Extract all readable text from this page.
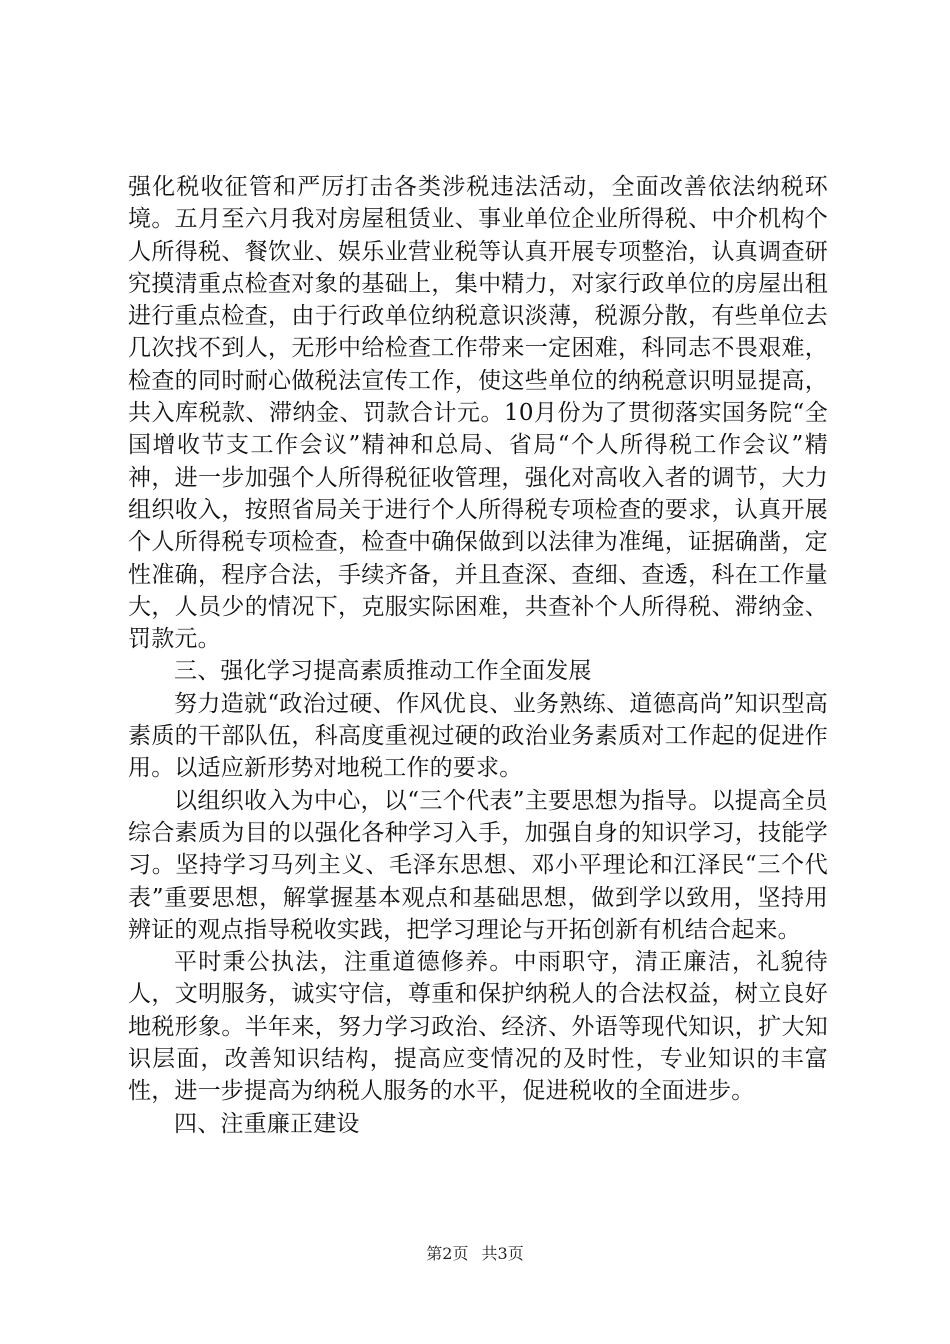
强化税收征管和严厉打击各类涉税违法活动，全面改善依法纳税环境。五月至六月我对房屋租赁业、事业单位企业所得税、中介机构个人所得税、餐饮业、娱乐业营业税等认真开展专项整治，认真调查研究摸清重点检查对象的基础上，集中精力，对家行政单位的房屋出租进行重点检查，由于行政单位纳税意识淡薄，税源分散，有些单位去几次找不到人，无形中给检查工作带来一定困难，科同志不畏艰难，检查的同时耐心做税法宣传工作，使这些单位的纳税意识明显提高，共入库税款、滞纳金、罚款合计元。10月份为了贯彻落实国务院“全国增收节支工作会议”精神和总局、省局“个人所得税工作会议”精神，进一步加强个人所得税征收管理，强化对高收入者的调节，大力组织收入，按照省局关于进行个人所得税专项检查的要求，认真开展个人所得税专项检查，检查中确保做到以法律为准绳，证据确凿，定性准确，程序合法，手续齐备，并且查深、查细、查透，科在工作量大，人员少的情况下，克服实际困难，共查补个人所得税、滞纳金、罚款元。

三、强化学习提高素质推动工作全面发展

努力造就“政治过硬、作风优良、业务熟练、道德高尚”知识型高素质的干部队伍，科高度重视过硬的政治业务素质对工作起的促进作用。以适应新形势对地税工作的要求。

以组织收入为中心，以“三个代表”主要思想为指导。以提高全员综合素质为目的以强化各种学习入手，加强自身的知识学习，技能学习。坚持学习马列主义、毛泽东思想、邓小平理论和江泽民“三个代表”重要思想，解掌握基本观点和基础思想，做到学以致用，坚持用辨证的观点指导税收实践，把学习理论与开拓创新有机结合起来。

平时秉公执法，注重道德修养。中雨职守，清正廉洁，礼貌待人，文明服务，诚实守信，尊重和保护纳税人的合法权益，树立良好地税形象。半年来，努力学习政治、经济、外语等现代知识，扩大知识层面，改善知识结构，提高应变情况的及时性，专业知识的丰富性，进一步提高为纳税人服务的水平，促进税收的全面进步。

四、注重廉正建设

第2页 共3页
